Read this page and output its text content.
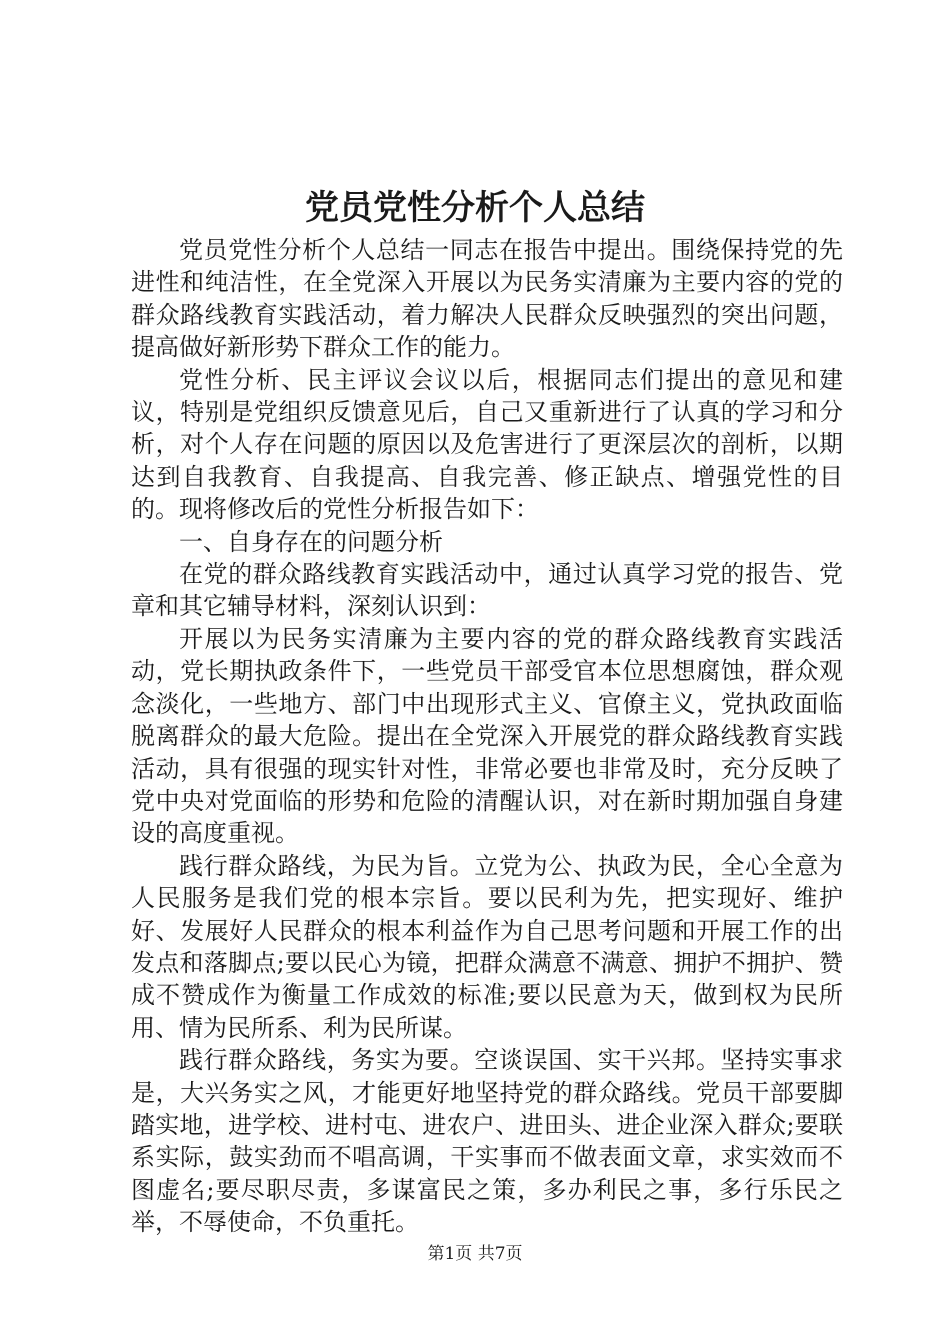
党员党性分析个人总结

党员党性分析个人总结一同志在报告中提出。围绕保持党的先进性和纯洁性，在全党深入开展以为民务实清廉为主要内容的党的群众路线教育实践活动，着力解决人民群众反映强烈的突出问题，提高做好新形势下群众工作的能力。

党性分析、民主评议会议以后，根据同志们提出的意见和建议，特别是党组织反馈意见后，自己又重新进行了认真的学习和分析，对个人存在问题的原因以及危害进行了更深层次的剖析，以期达到自我教育、自我提高、自我完善、修正缺点、增强党性的目的。现将修改后的党性分析报告如下：

一、自身存在的问题分析

在党的群众路线教育实践活动中，通过认真学习党的报告、党章和其它辅导材料，深刻认识到：

开展以为民务实清廉为主要内容的党的群众路线教育实践活动，党长期执政条件下，一些党员干部受官本位思想腐蚀，群众观念淡化，一些地方、部门中出现形式主义、官僚主义，党执政面临脱离群众的最大危险。提出在全党深入开展党的群众路线教育实践活动，具有很强的现实针对性，非常必要也非常及时，充分反映了党中央对党面临的形势和危险的清醒认识，对在新时期加强自身建设的高度重视。

践行群众路线，为民为旨。立党为公、执政为民，全心全意为人民服务是我们党的根本宗旨。要以民利为先，把实现好、维护好、发展好人民群众的根本利益作为自己思考问题和开展工作的出发点和落脚点;要以民心为镜，把群众满意不满意、拥护不拥护、赞成不赞成作为衡量工作成效的标准;要以民意为天，做到权为民所用、情为民所系、利为民所谋。

践行群众路线，务实为要。空谈误国、实干兴邦。坚持实事求是，大兴务实之风，才能更好地坚持党的群众路线。党员干部要脚踏实地，进学校、进村屯、进农户、进田头、进企业深入群众;要联系实际，鼓实劲而不唱高调，干实事而不做表面文章，求实效而不图虚名;要尽职尽责，多谋富民之策，多办利民之事，多行乐民之举，不辱使命，不负重托。

第1页 共7页
